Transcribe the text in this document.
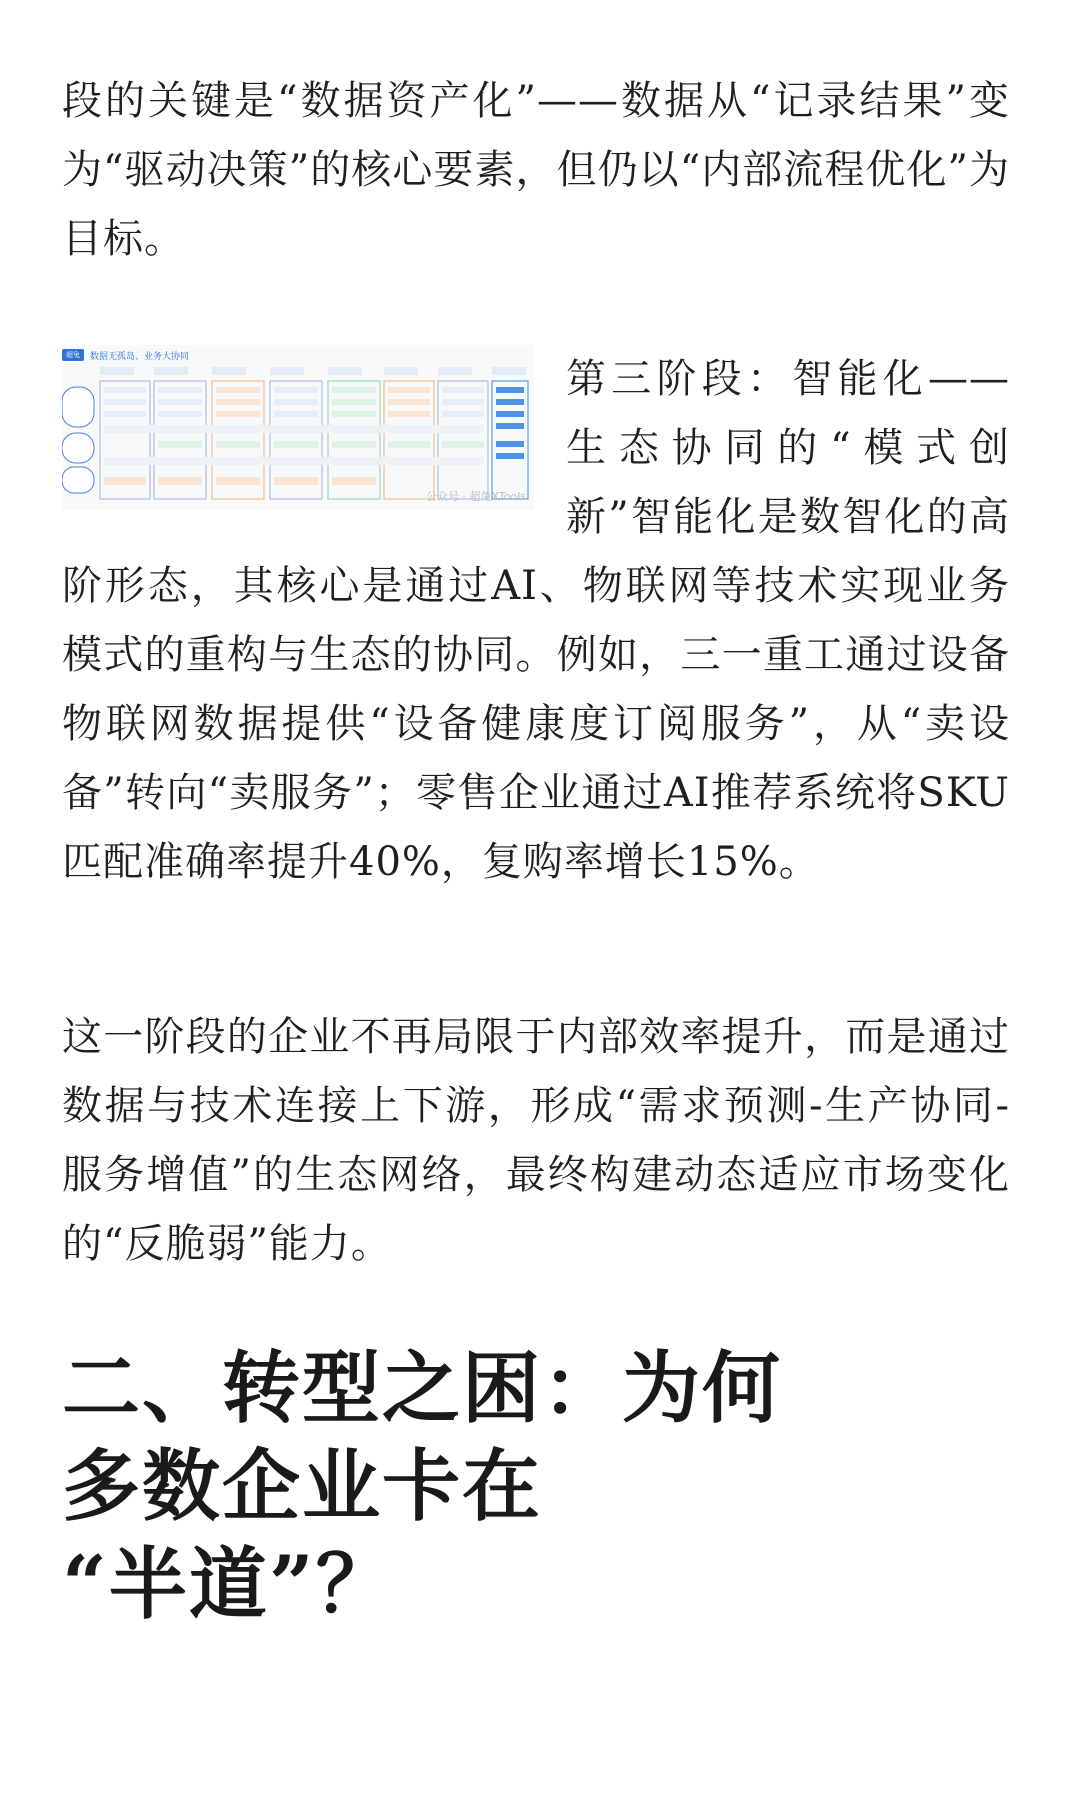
段的关键是“数据资产化”——数据从“记录结果”变为“驱动决策”的核心要素，但仍以“内部流程优化”为目标。

超兔	数据无孤岛、业务大协同
公众号 · 超兔XTools

第三阶段：智能化——生态协同的“模式创新”智能化是数智化的高阶形态，其核心是通过AI、物联网等技术实现业务模式的重构与生态的协同。例如，三一重工通过设备物联网数据提供“设备健康度订阅服务”，从“卖设备”转向“卖服务”；零售企业通过AI推荐系统将SKU匹配准确率提升40%，复购率增长15%。

这一阶段的企业不再局限于内部效率提升，而是通过数据与技术连接上下游，形成“需求预测-生产协同-服务增值”的生态网络，最终构建动态适应市场变化的“反脆弱”能力。

二、转型之困：为何
多数企业卡在
“半道”？
